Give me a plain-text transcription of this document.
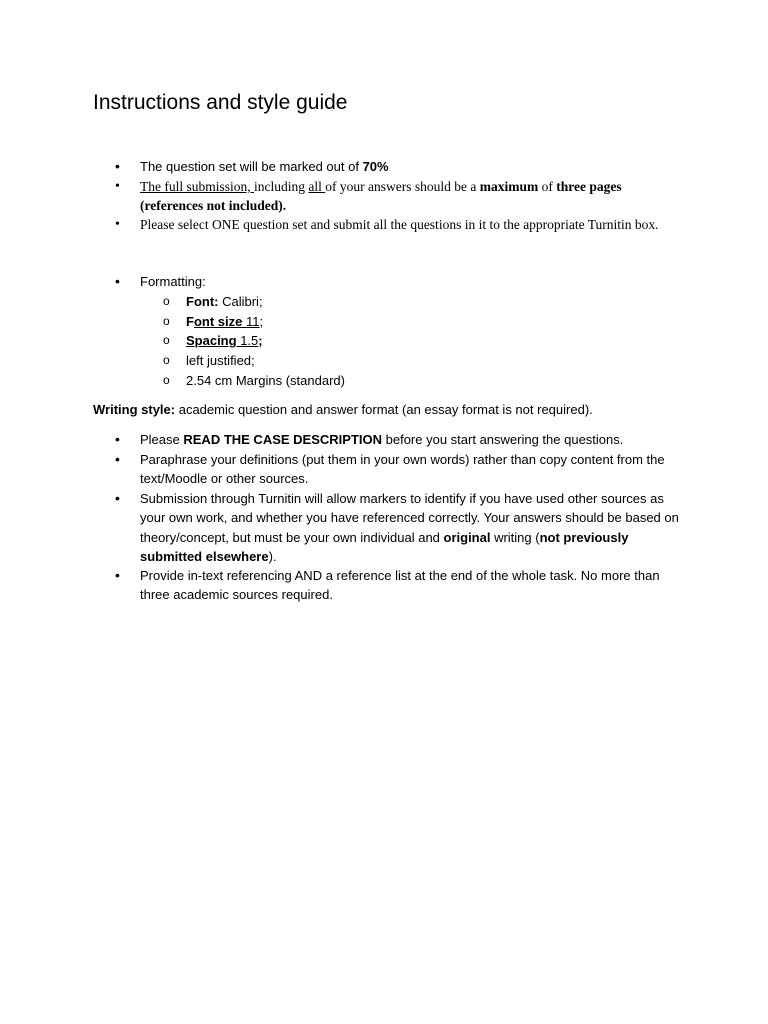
Instructions and style guide
• The question set will be marked out of 70%
• The full submission, including all of your answers should be a maximum of three pages (references not included).
• Please select ONE question set and submit all the questions in it to the appropriate Turnitin box.
• Formatting:
o Font: Calibri;
o Font size 11;
o Spacing 1.5;
o left justified;
o 2.54 cm Margins (standard)

Writing style: academic question and answer format (an essay format is not required).

• Please READ THE CASE DESCRIPTION before you start answering the questions.
• Paraphrase your definitions (put them in your own words) rather than copy content from the text/Moodle or other sources.
• Submission through Turnitin will allow markers to identify if you have used other sources as your own work, and whether you have referenced correctly. Your answers should be based on theory/concept, but must be your own individual and original writing (not previously submitted elsewhere).
• Provide in-text referencing AND a reference list at the end of the whole task. No more than three academic sources required.
